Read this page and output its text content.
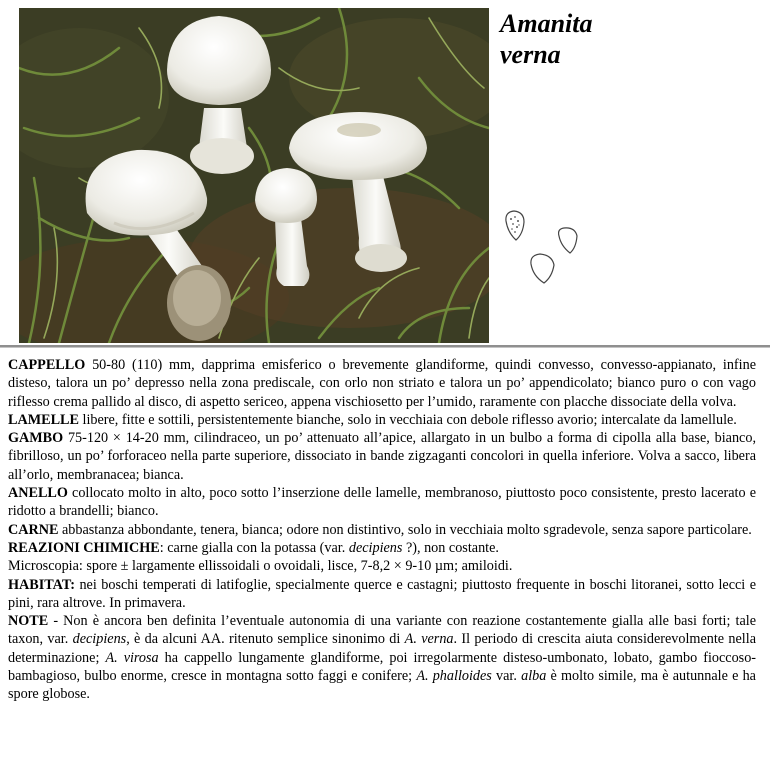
Amanita
verna

CAPPELLO 50-80 (110) mm, dapprima emisferico o brevemente glandiforme, quindi convesso, convesso-appianato, infine disteso, talora un po’ depresso nella zona prediscale, con orlo non striato e talora un po’ appendicolato; bianco puro o con vago riflesso crema pallido al disco, di aspetto sericeo, appena vischiosetto per l’umido, raramente con placche dissociate della volva.

LAMELLE libere, fitte e sottili, persistentemente bianche, solo in vecchiaia con debole riflesso avorio; intercalate da lamellule.

GAMBO 75-120 × 14-20 mm, cilindraceo, un po’ attenuato all’apice, allargato in un bulbo a forma di cipolla alla base, bianco, fibrilloso, un po’ forforaceo nella parte superiore, dissociato in bande zigzaganti concolori in quella inferiore. Volva a sacco, libera all’orlo, membranacea; bianca.

ANELLO collocato molto in alto, poco sotto l’inserzione delle lamelle, membranoso, piuttosto poco consistente, presto lacerato e ridotto a brandelli; bianco.

CARNE abbastanza abbondante, tenera, bianca; odore non distintivo, solo in vecchiaia molto sgradevole, senza sapore particolare.

REAZIONI CHIMICHE: carne gialla con la potassa (var. decipiens ?), non costante.

Microscopia: spore ± largamente ellissoidali o ovoidali, lisce, 7-8,2 × 9-10 µm; amiloidi.

HABITAT: nei boschi temperati di latifoglie, specialmente querce e castagni; piuttosto frequente in boschi litoranei, sotto lecci e pini, rara altrove. In primavera.

NOTE - Non è ancora ben definita l’eventuale autonomia di una variante con reazione costantemente gialla alle basi forti; tale taxon, var. decipiens, è da alcuni AA. ritenuto semplice sinonimo di A. verna. Il periodo di crescita aiuta considerevolmente nella determinazione; A. virosa ha cappello lungamente glandiforme, poi irregolarmente disteso-umbonato, lobato, gambo fioccoso-bambagioso, bulbo enorme, cresce in montagna sotto faggi e conifere; A. phalloides var. alba è molto simile, ma è autunnale e ha spore globose.
